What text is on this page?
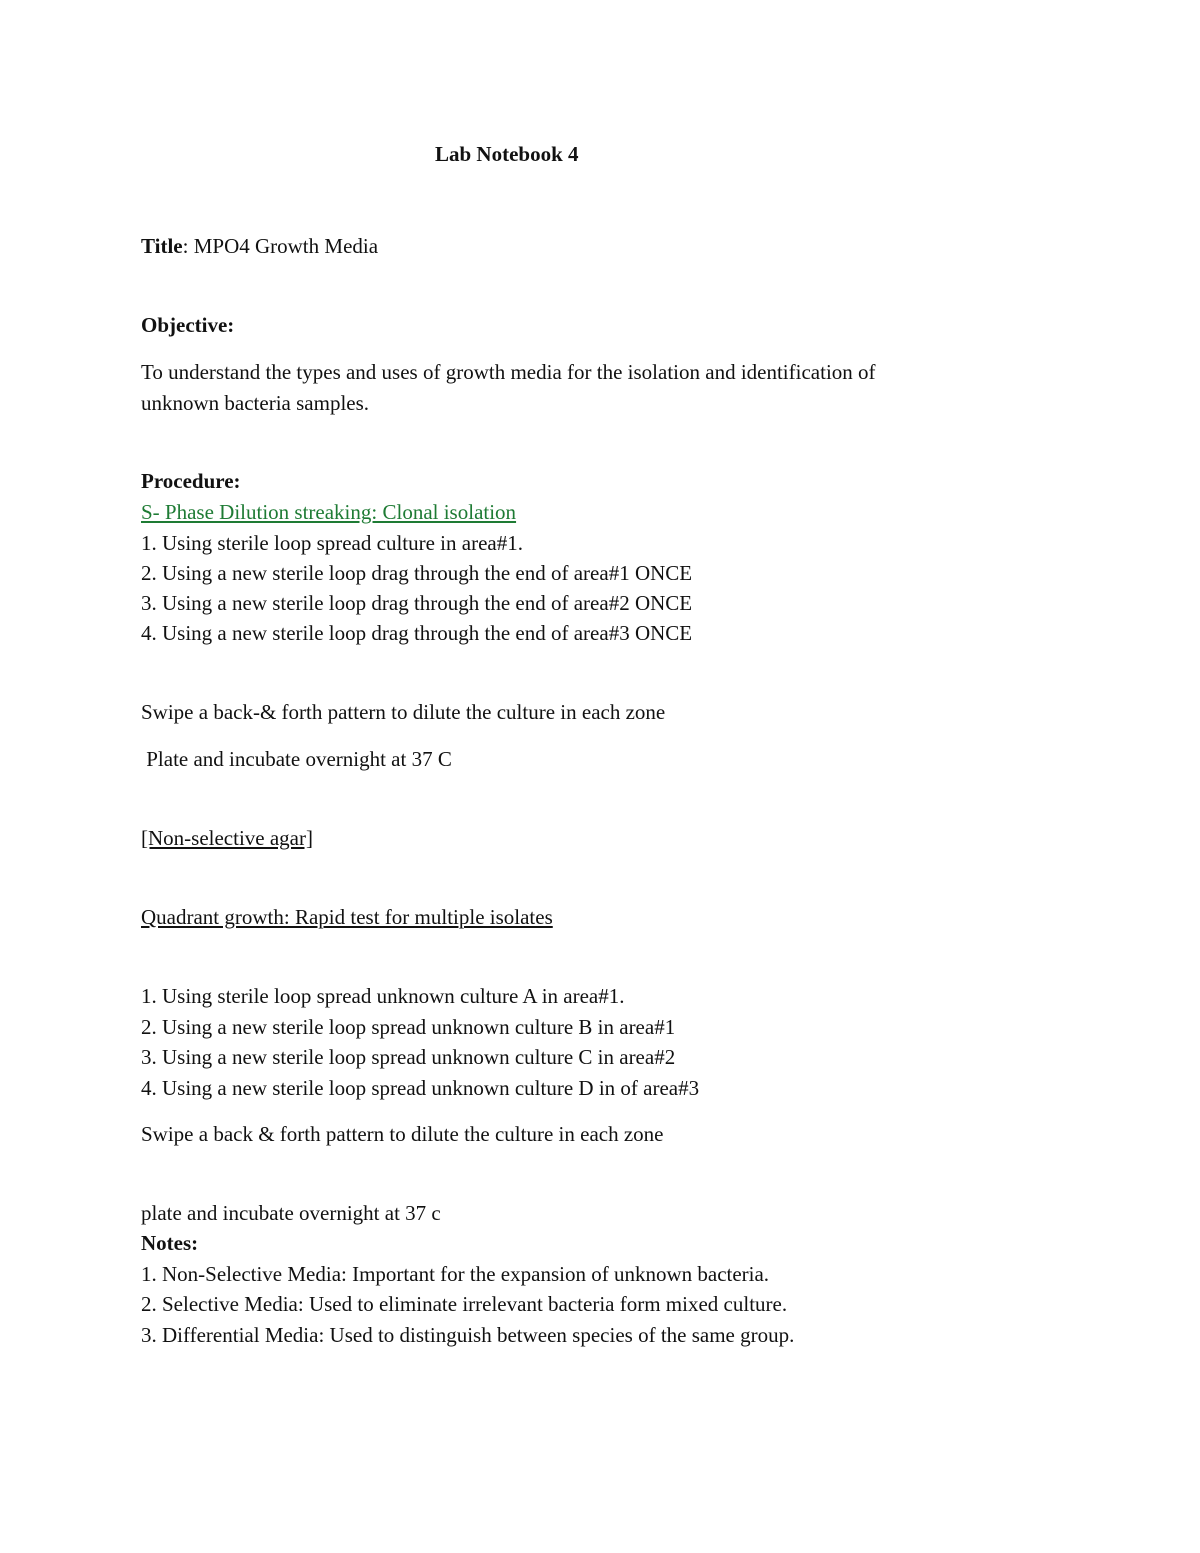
Lab Notebook 4
Title: MPO4 Growth Media
Objective:
To understand the types and uses of growth media for the isolation and identification of
unknown bacteria samples.
Procedure:
S- Phase Dilution streaking: Clonal isolation
1. Using sterile loop spread culture in area#1.
2. Using a new sterile loop drag through the end of area#1 ONCE
3. Using a new sterile loop drag through the end of area#2 ONCE
4. Using a new sterile loop drag through the end of area#3 ONCE
Swipe a back-& forth pattern to dilute the culture in each zone
Plate and incubate overnight at 37 C
[Non-selective agar]
Quadrant growth: Rapid test for multiple isolates
1. Using sterile loop spread unknown culture A in area#1.
2. Using a new sterile loop spread unknown culture B in area#1
3. Using a new sterile loop spread unknown culture C in area#2
4. Using a new sterile loop spread unknown culture D in of area#3
Swipe a back & forth pattern to dilute the culture in each zone
plate and incubate overnight at 37 c
Notes:
1. Non-Selective Media: Important for the expansion of unknown bacteria.
2. Selective Media: Used to eliminate irrelevant bacteria form mixed culture.
3. Differential Media: Used to distinguish between species of the same group.
